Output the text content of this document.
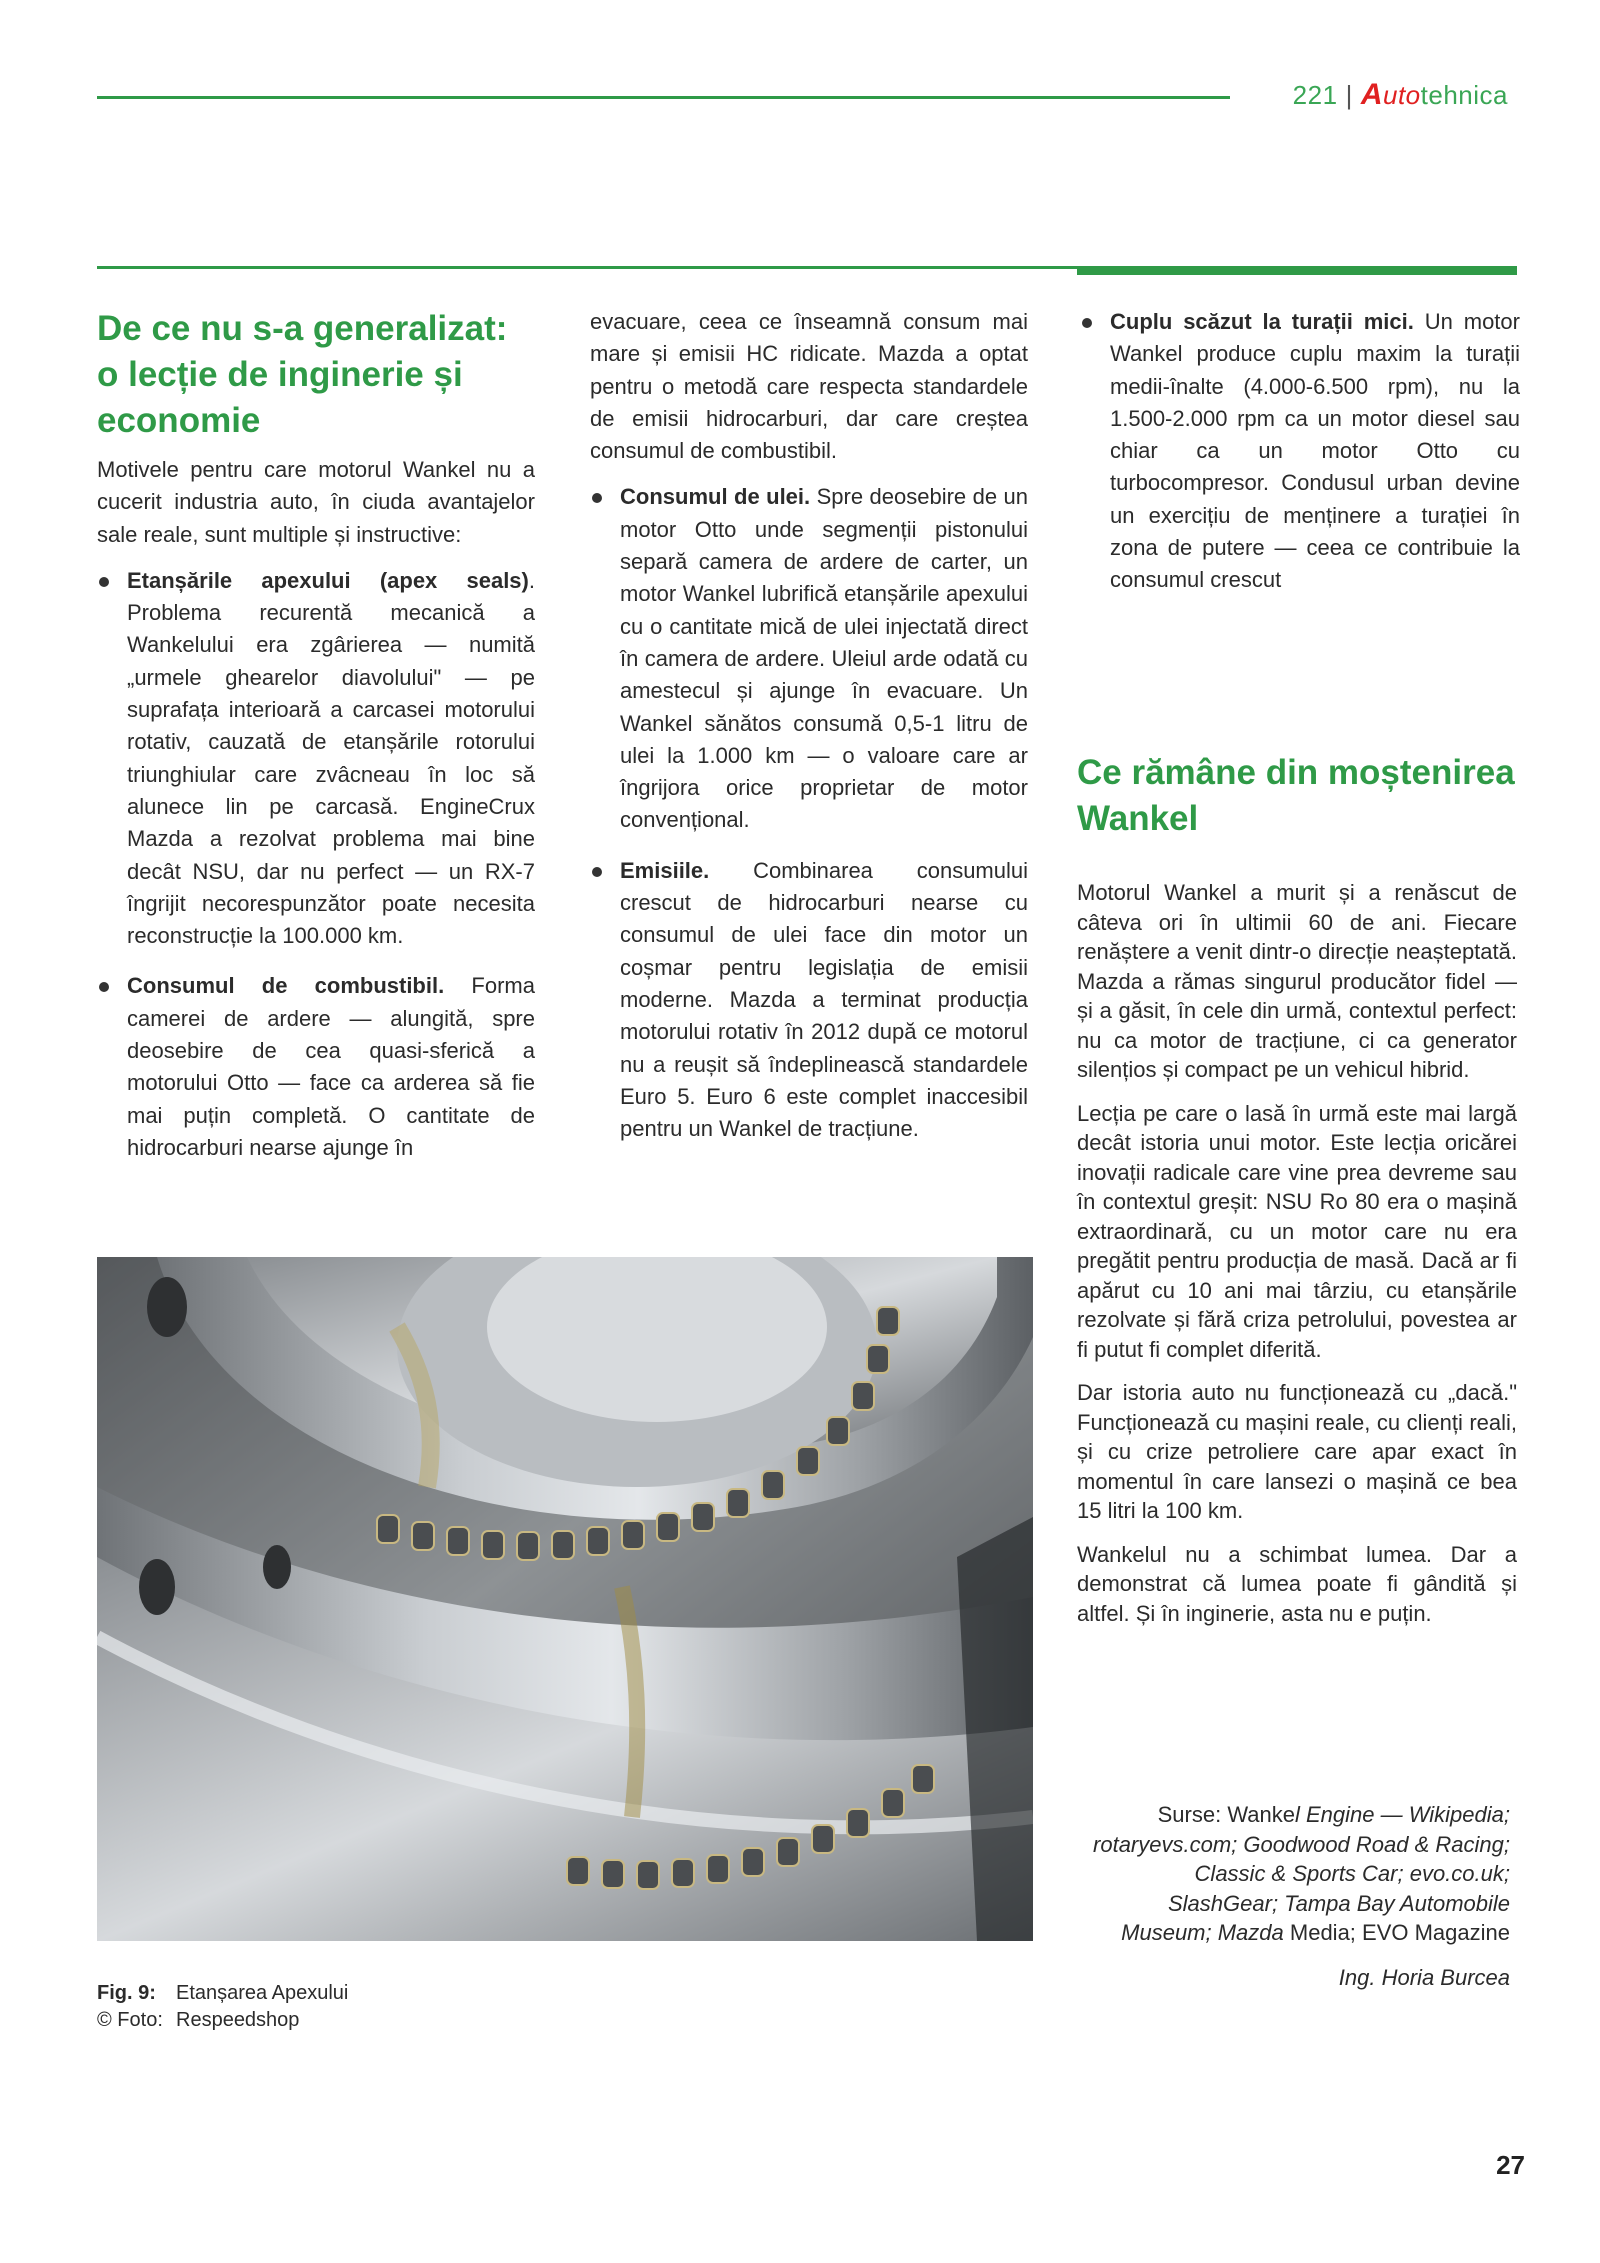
221 | Autotehnica
De ce nu s-a generalizat: o lecție de inginerie și economie

Motivele pentru care motorul Wankel nu a cucerit industria auto, în ciuda avantajelor sale reale, sunt multiple și instructive:

Etanșările apexului (apex seals). Problema recurentă mecanică a Wankelului era zgârierea — numită „urmele ghearelor diavolului" — pe suprafața interioară a carcasei motorului rotativ, cauzată de etanșările rotorului triunghiular care zvâcneau în loc să alunece lin pe carcasă. EngineCrux Mazda a rezolvat problema mai bine decât NSU, dar nu perfect — un RX-7 îngrijit necorespunzător poate necesita reconstrucție la 100.000 km.
Consumul de combustibil. Forma camerei de ardere — alungită, spre deosebire de cea quasi-sferică a motorului Otto — face ca arderea să fie mai puțin completă. O cantitate de hidrocarburi nearse ajunge în

evacuare, ceea ce înseamnă consum mai mare și emisii HC ridicate. Mazda a optat pentru o metodă care respecta standardele de emisii hidrocarburi, dar care creștea consumul de combustibil.

Consumul de ulei. Spre deosebire de un motor Otto unde segmenții pistonului separă camera de ardere de carter, un motor Wankel lubrifică etanșările apexului cu o cantitate mică de ulei injectată direct în camera de ardere. Uleiul arde odată cu amestecul și ajunge în evacuare. Un Wankel sănătos consumă 0,5-1 litru de ulei la 1.000 km — o valoare care ar îngrijora orice proprietar de motor convențional.
Emisiile. Combinarea consumului crescut de hidrocarburi nearse cu consumul de ulei face din motor un coșmar pentru legislația de emisii moderne. Mazda a terminat producția motorului rotativ în 2012 după ce motorul nu a reușit să îndeplinească standardele Euro 5. Euro 6 este complet inaccesibil pentru un Wankel de tracțiune.
Cuplu scăzut la turații mici. Un motor Wankel produce cuplu maxim la turații medii-înalte (4.000-6.500 rpm), nu la 1.500-2.000 rpm ca un motor diesel sau chiar ca un motor Otto cu turbocompresor. Condusul urban devine un exercițiu de menținere a turației în zona de putere — ceea ce contribuie la consumul crescut
Ce rămâne din moștenirea Wankel

Motorul Wankel a murit și a renăscut de câteva ori în ultimii 60 de ani. Fiecare renăștere a venit dintr-o direcție neașteptată. Mazda a rămas singurul producător fidel — și a găsit, în cele din urmă, contextul perfect: nu ca motor de tracțiune, ci ca generator silențios și compact pe un vehicul hibrid.

Lecția pe care o lasă în urmă este mai largă decât istoria unui motor. Este lecția oricărei inovații radicale care vine prea devreme sau în contextul greșit: NSU Ro 80 era o mașină extraordinară, cu un motor care nu era pregătit pentru producția de masă. Dacă ar fi apărut cu 10 ani mai târziu, cu etanșările rezolvate și fără criza petrolului, povestea ar fi putut fi complet diferită.

Dar istoria auto nu funcționează cu „dacă." Funcționează cu mașini reale, cu clienți reali, și cu crize petroliere care apar exact în momentul în care lansezi o mașină ce bea 15 litri la 100 km.

Wankelul nu a schimbat lumea. Dar a demonstrat că lumea poate fi gândită și altfel. Și în inginerie, asta nu e puțin.

Fig. 9:	Etanșarea Apexului
© Foto: Respeedshop
Surse: Wankel Engine — Wikipedia; rotaryevs.com; Goodwood Road & Racing; Classic & Sports Car; evo.co.uk; SlashGear; Tampa Bay Automobile Museum; Mazda Media; EVO Magazine
Ing. Horia Burcea
27
